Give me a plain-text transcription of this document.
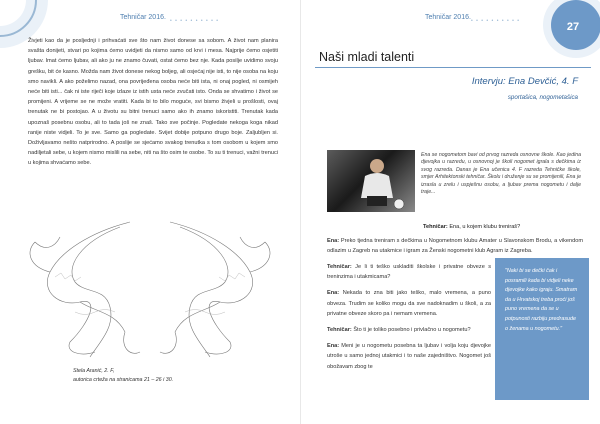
Tehničar 2016. • • • • • • • • • •
Živjeti kao da je posljednji i prihvaćati sve što nam život donese sa sobom. A život nam planira svašta donijeti, stvari po kojima ćemo uvidjeti da nismo samo od krvi i mesa. Najprije ćemo osjetiti ljubav. Imat ćemo ljubav, ali ako ju ne znamo čuvati, ostat ćemo bez nje. Kada posilje uvidimo svoju grešku, bit će kasno. Možda nam život donese nekog boljeg, ali osjećaj nije isti, to nije osoba na koju smo navikli. A ako poželimo nazad, ona povrijeđena osoba neće biti ista, ni onaj pogled, ni osmijeh neće biti isti... čak ni iste riječi koje izlaze iz istih usta neće zvučati isto. Onda se shvatimo i život se promijeni. A vrijeme se ne može vratiti. Kada bi to bilo moguće, svi bismo živjeli u prošlosti, ovaj trenutak ne bi postojao. A u životu su bitni trenuci samo ako ih znamo iskoristiti. Trenutak kada upoznaš posebnu osobu, ali to tada još ne znaš. Tako sve počinje. Pogledate nekoga koga nikad ranije niste vidjeli. To je sve. Samo ga pogledate. Svijet dobije potpuno drugo boje. Zaljubljen si. Doživljavamo nešto natprirodno. A poslije se sjećamo svakog trenutka s tom osobom u kojem smo nadiljetali sebe, u kojem nismo mislili na sebe, niti na što osim te osobe. To su ti trenuci, važni trenuci u kojima shvaćamo sebe.
Stela Aranić, 2. F,
autorica crteža na stranicama 21 – 26 i 30.
Tehničar 2016. • • • • • • • • • •	27
Naši mladi talenti
Intervju: Ena Devčić, 4. F
sportašica, nogometašica
Ena se nogometom bavi od prvog razreda osnovne škole. Kao jedina djevojka u razredu, u osnovnoj je školi nogomet igrala s dečkima iz svog razreda. Danas je Ena učenica 4. F razreda Tehničke škole, smjer Arhitektonski tehničar. Školu i druženje su se promijenili, Ena je izrasla u zrelu i uspješnu osobu, a ljubav prema nogometu i dalje traje...
Tehničar: Ena, u kojem klubu treniraš?
Ena: Preko tjedna treniram s dečkima u Nogometnom klubu Amater u Slavonskom Brodu, a vikendom odlazim u Zagreb na utakmice i igram za Ženski nogometni klub Agram iz Zagreba.

Tehničar: Je li ti teško uskladiti školske i privatne obveze s treninzima i utakmicama?

Ena: Nekada to zna biti jako teško, malo vremena, a puno obveza. Trudim se koliko mogu da sve nadoknadim u školi, a za privatne obveze skoro pa i nemam vremena.

Tehničar: Što ti je toliko posebno i privlačno u nogometu?

Ena: Meni je u nogometu posebna ta ljubav i volja koju djevojke utroše u samo jednoj utakmici i to naše zajedništvo. Nogomet još obožavam zbog te

"Naki bi se dečki čak i posramili kada bi vidjeli neke djevojke kako igraju. Smatram da u Hrvatskoj treba proći još puno vremena da se u potpunosti razbiju predrasude o ženama u nogometu."
